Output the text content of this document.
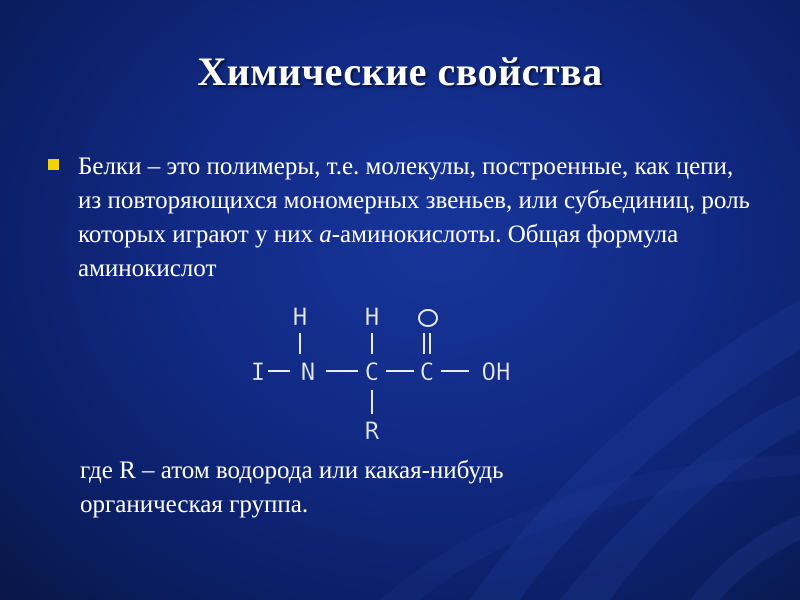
Химические свойства
Белки – это полимеры, т.е. молекулы, построенные, как цепи, из повторяющихся мономерных звеньев, или субъединиц, роль которых играют у них а-аминокислоты. Общая формула аминокислот
H H
I N C C OH
R
где R – атом водорода или какая-нибудь органическая группа.
